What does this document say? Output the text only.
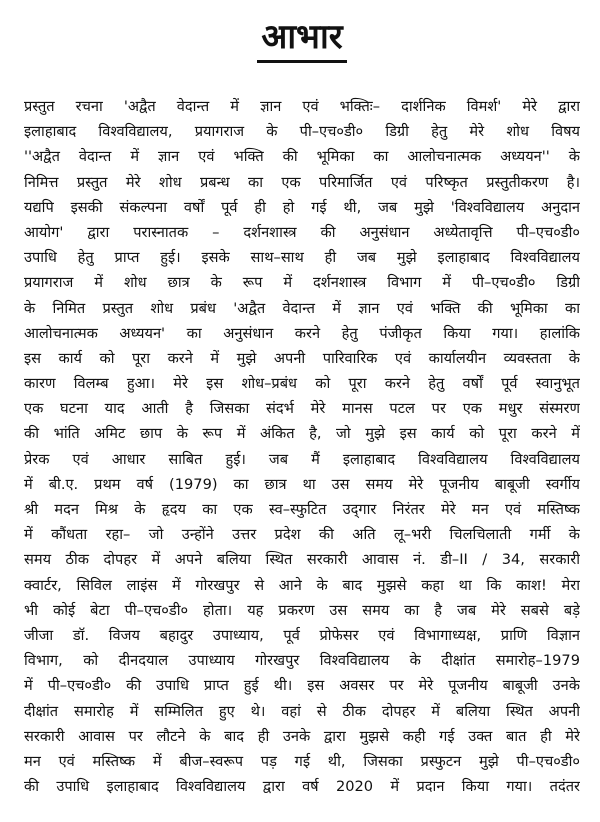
आभार
प्रस्तुत रचना 'अद्वैत वेदान्त में ज्ञान एवं भक्तिः– दार्शनिक विमर्श' मेरे द्वारा
इलाहाबाद विश्वविद्यालय, प्रयागराज के पी–एच०डी० डिग्री हेतु मेरे शोध विषय
''अद्वैत वेदान्त में ज्ञान एवं भक्ति की भूमिका का आलोचनात्मक अध्ययन'' के
निमित्त प्रस्तुत मेरे शोध प्रबन्ध का एक परिमार्जित एवं परिष्कृत प्रस्तुतीकरण है।
यद्यपि इसकी संकल्पना वर्षों पूर्व ही हो गई थी, जब मुझे 'विश्वविद्यालय अनुदान
आयोग' द्वारा परास्नातक – दर्शनशास्त्र की अनुसंधान अध्येतावृत्ति पी–एच०डी०
उपाधि हेतु प्राप्त हुई। इसके साथ–साथ ही जब मुझे इलाहाबाद विश्वविद्यालय
प्रयागराज में शोध छात्र के रूप में दर्शनशास्त्र विभाग में पी–एच०डी० डिग्री
के निमित प्रस्तुत शोध प्रबंध 'अद्वैत वेदान्त में ज्ञान एवं भक्ति की भूमिका का
आलोचनात्मक अध्ययन' का अनुसंधान करने हेतु पंजीकृत किया गया। हालांकि
इस कार्य को पूरा करने में मुझे अपनी पारिवारिक एवं कार्यालयीन व्यवस्तता के
कारण विलम्ब हुआ। मेरे इस शोध–प्रबंध को पूरा करने हेतु वर्षों पूर्व स्वानुभूत
एक घटना याद आती है जिसका संदर्भ मेरे मानस पटल पर एक मधुर संस्मरण
की भांति अमिट छाप के रूप में अंकित है, जो मुझे इस कार्य को पूरा करने में
प्रेरक एवं आधार साबित हुई। जब मैं इलाहाबाद विश्वविद्यालय विश्वविद्यालय
में बी.ए. प्रथम वर्ष (1979) का छात्र था उस समय मेरे पूजनीय बाबूजी स्वर्गीय
श्री मदन मिश्र के हृदय का एक स्व–स्फुटित उद्‌गार निरंतर मेरे मन एवं मस्तिष्क
में कौंधता रहा– जो उन्होंने उत्तर प्रदेश की अति लू–भरी चिलचिलाती गर्मी के
समय ठीक दोपहर में अपने बलिया स्थित सरकारी आवास नं. डी–II / 34, सरकारी
क्वार्टर, सिविल लाइंस में गोरखपुर से आने के बाद मुझसे कहा था कि काश! मेरा
भी कोई बेटा पी–एच०डी० होता। यह प्रकरण उस समय का है जब मेरे सबसे बड़े
जीजा डॉ. विजय बहादुर उपाध्याय, पूर्व प्रोफेसर एवं विभागाध्यक्ष, प्राणि विज्ञान
विभाग, को दीनदयाल उपाध्याय गोरखपुर विश्वविद्यालय के दीक्षांत समारोह–1979
में पी–एच०डी० की उपाधि प्राप्त हुई थी। इस अवसर पर मेरे पूजनीय बाबूजी उनके
दीक्षांत समारोह में सम्मिलित हुए थे। वहां से ठीक दोपहर में बलिया स्थित अपनी
सरकारी आवास पर लौटने के बाद ही उनके द्वारा मुझसे कही गई उक्त बात ही मेरे
मन एवं मस्तिष्क में बीज–स्वरूप पड़ गई थी, जिसका प्रस्फुटन मुझे पी–एच०डी०
की उपाधि इलाहाबाद विश्वविद्यालय द्वारा वर्ष 2020 में प्रदान किया गया। तदंतर
